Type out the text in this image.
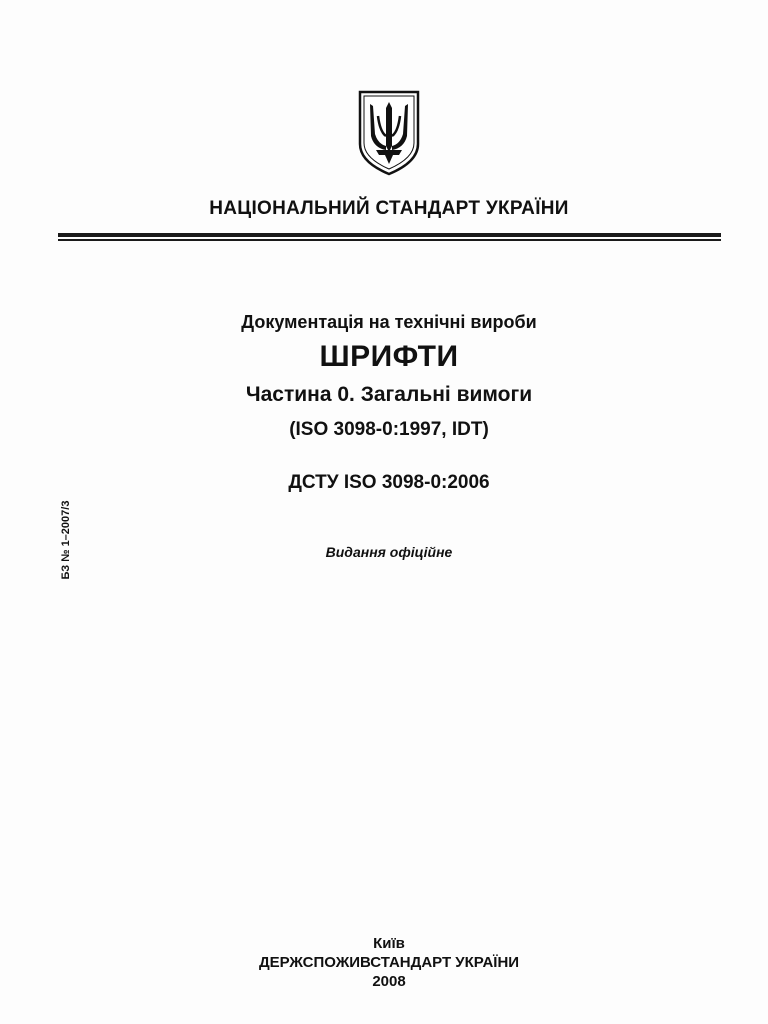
НАЦІОНАЛЬНИЙ СТАНДАРТ УКРАЇНИ
Документація на технічні вироби
ШРИФТИ
Частина 0. Загальні вимоги
(ISO 3098-0:1997, IDT)
ДСТУ ISO 3098-0:2006
Видання офіційне
БЗ № 1–2007/3
Київ
ДЕРЖСПОЖИВСТАНДАРТ УКРАЇНИ
2008
